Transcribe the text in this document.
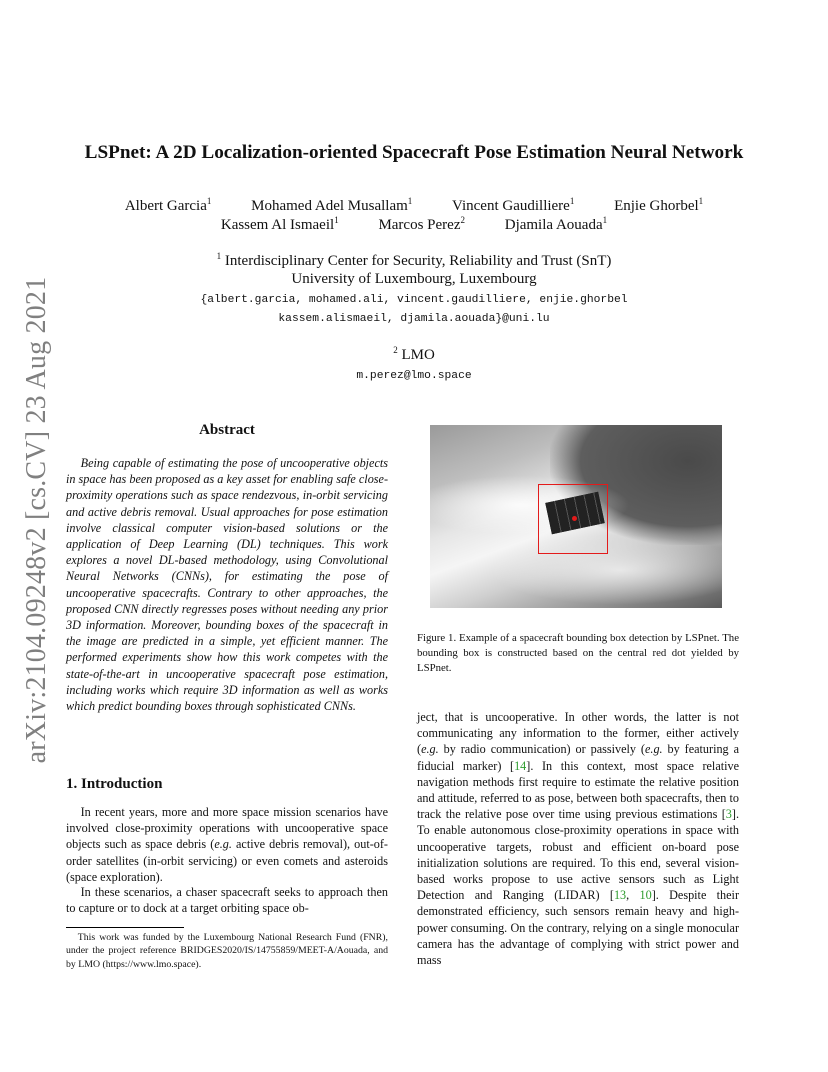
arXiv:2104.09248v2 [cs.CV] 23 Aug 2021
LSPnet: A 2D Localization-oriented Spacecraft Pose Estimation Neural Network
Albert Garcia$^1$	Mohamed Adel Musallam$^1$	Vincent Gaudilliere$^1$	Enjie Ghorbel$^1$
Kassem Al Ismaeil$^1$	Marcos Perez$^2$	Djamila Aouada$^1$
$^1$ Interdisciplinary Center for Security, Reliability and Trust (SnT)
University of Luxembourg, Luxembourg
{albert.garcia, mohamed.ali, vincent.gaudilliere, enjie.ghorbel
kassem.alismaeil, djamila.aouada}@uni.lu
$^2$ LMO
m.perez@lmo.space
Abstract

Being capable of estimating the pose of uncooperative objects in space has been proposed as a key asset for enabling safe close-proximity operations such as space rendezvous, in-orbit servicing and active debris removal. Usual approaches for pose estimation involve classical computer vision-based solutions or the application of Deep Learning (DL) techniques. This work explores a novel DL-based methodology, using Convolutional Neural Networks (CNNs), for estimating the pose of uncooperative spacecrafts. Contrary to other approaches, the proposed CNN directly regresses poses without needing any prior 3D information. Moreover, bounding boxes of the spacecraft in the image are predicted in a simple, yet efficient manner. The performed experiments show how this work competes with the state-of-the-art in uncooperative spacecraft pose estimation, including works which require 3D information as well as works which predict bounding boxes through sophisticated CNNs.

1. Introduction

In recent years, more and more space mission scenarios have involved close-proximity operations with uncooperative space objects such as space debris (e.g. active debris removal), out-of-order satellites (in-orbit servicing) or even comets and asteroids (space exploration).

In these scenarios, a chaser spacecraft seeks to approach then to capture or to dock at a target orbiting space ob-

This work was funded by the Luxembourg National Research Fund (FNR), under the project reference BRIDGES2020/IS/14755859/MEET-A/Aouada, and by LMO (https://www.lmo.space).

Figure 1. Example of a spacecraft bounding box detection by LSPnet. The bounding box is constructed based on the central red dot yielded by LSPnet.

ject, that is uncooperative. In other words, the latter is not communicating any information to the former, either actively (e.g. by radio communication) or passively (e.g. by featuring a fiducial marker) [14]. In this context, most space relative navigation methods first require to estimate the relative position and attitude, referred to as pose, between both spacecrafts, then to track the relative pose over time using previous estimations [3]. To enable autonomous close-proximity operations in space with uncooperative targets, robust and efficient on-board pose initialization solutions are required. To this end, several vision-based works propose to use active sensors such as Light Detection and Ranging (LIDAR) [13, 10]. Despite their demonstrated efficiency, such sensors remain heavy and high-power consuming. On the contrary, relying on a single monocular camera has the advantage of complying with strict power and mass
